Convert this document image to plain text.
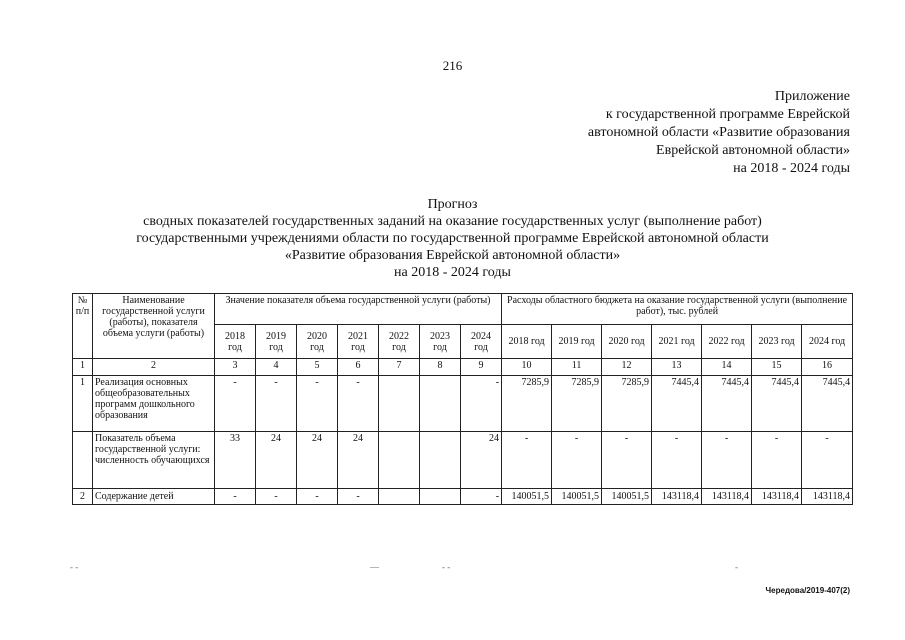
216
Приложение
к государственной программе Еврейской
автономной области «Развитие образования
Еврейской автономной области»
на 2018 - 2024 годы
Прогноз
сводных показателей государственных заданий на оказание государственных услуг (выполнение работ)
государственными учреждениями области по государственной программе Еврейской автономной области
«Развитие образования Еврейской автономной области»
на 2018 - 2024 годы
№ п/п	Наименование государственной услуги (работы), показателя объема услуги (работы)	Значение показателя объема государственной услуги (работы)							Расходы областного бюджета на оказание государственной услуги (выполнение работ), тыс. рублей						
		2018 год	2019 год	2020 год	2021 год	2022 год	2023 год	2024 год	2018 год	2019 год	2020 год	2021 год	2022 год	2023 год	2024 год
1	2	3	4	5	6	7	8	9	10	11	12	13	14	15	16
1	Реализация основных общеобразовательных программ дошкольного образования	-	-	-	-			-	7285,9	7285,9	7285,9	7445,4	7445,4	7445,4	7445,4
	Показатель объема государственной услуги: численность обучающихся	33	24	24	24			24	-	-	-	-	-	-	-
2	Содержание детей	-	-	-	-			-	140051,5	140051,5	140051,5	143118,4	143118,4	143118,4	143118,4
‐ ‐	—	‐ ‐	‐
Чередова/2019-407(2)
